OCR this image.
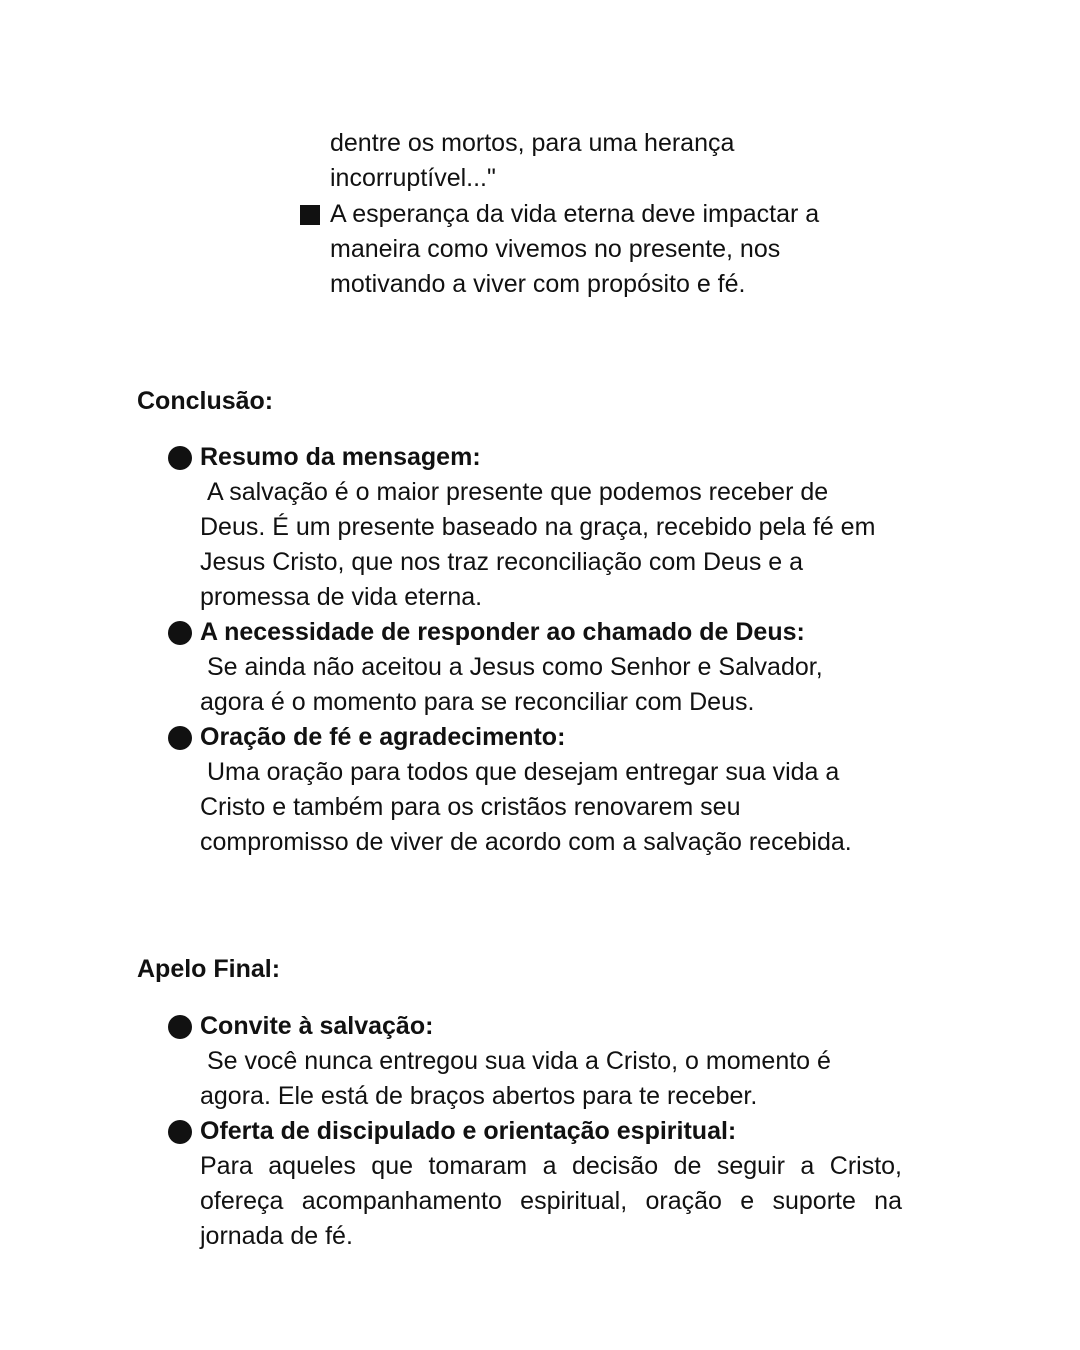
dentre os mortos, para uma herança
incorruptível..."

A esperança da vida eterna deve impactar a
maneira como vivemos no presente, nos
motivando a viver com propósito e fé.
Conclusão:
Resumo da mensagem:
A salvação é o maior presente que podemos receber de
Deus. É um presente baseado na graça, recebido pela fé em
Jesus Cristo, que nos traz reconciliação com Deus e a
promessa de vida eterna.
A necessidade de responder ao chamado de Deus:
Se ainda não aceitou a Jesus como Senhor e Salvador,
agora é o momento para se reconciliar com Deus.
Oração de fé e agradecimento:
Uma oração para todos que desejam entregar sua vida a
Cristo e também para os cristãos renovarem seu
compromisso de viver de acordo com a salvação recebida.
Apelo Final:
Convite à salvação:
Se você nunca entregou sua vida a Cristo, o momento é
agora. Ele está de braços abertos para te receber.
Oferta de discipulado e orientação espiritual:
Para aqueles que tomaram a decisão de seguir a Cristo, ofereça acompanhamento espiritual, oração e suporte na jornada de fé.
